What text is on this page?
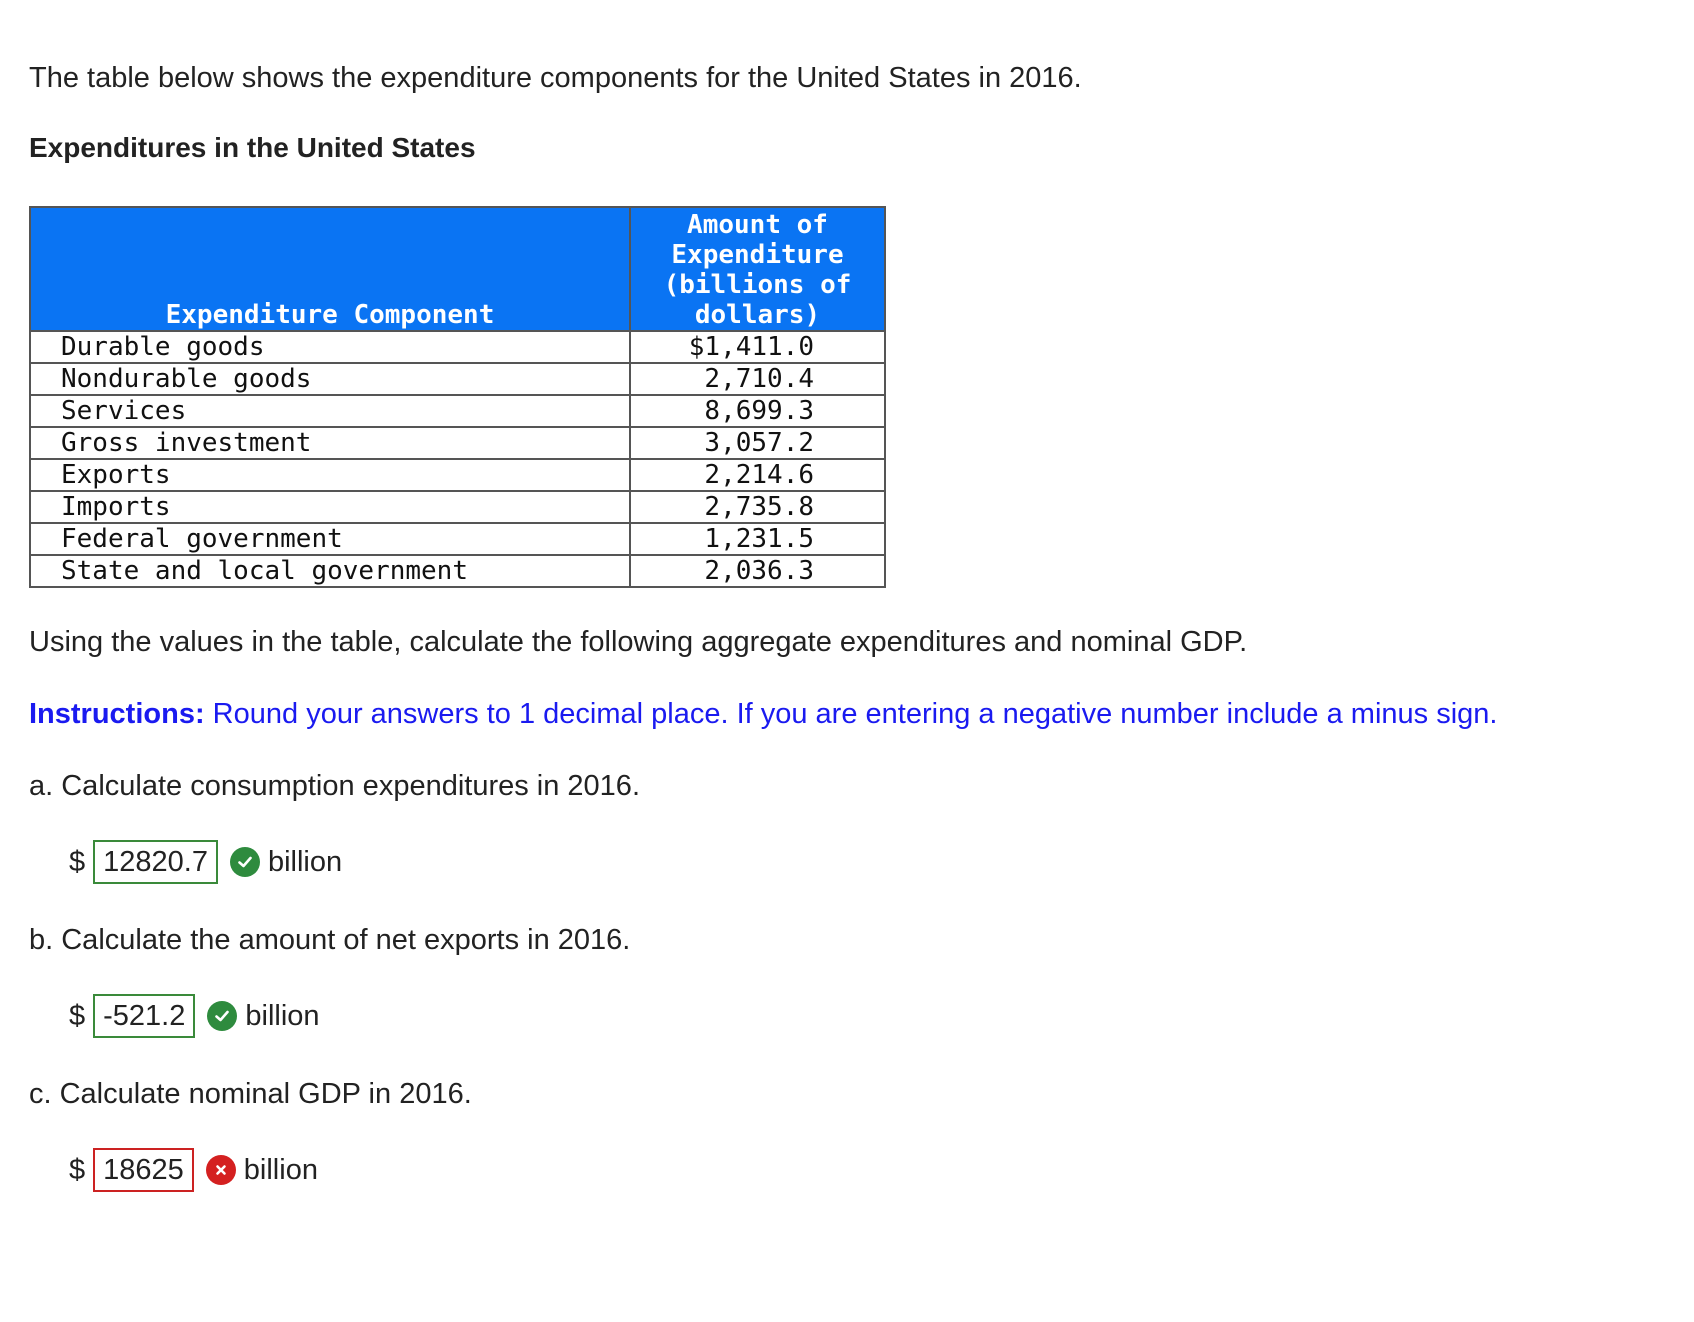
The table below shows the expenditure components for the United States in 2016.

Expenditures in the United States

Expenditure Component	Amount of
Expenditure
(billions of
dollars)

Durable goods	$1,411.0
Nondurable goods	2,710.4
Services	8,699.3
Gross investment	3,057.2
Exports	2,214.6
Imports	2,735.8
Federal government	1,231.5
State and local government	2,036.3

Using the values in the table, calculate the following aggregate expenditures and nominal GDP.

Instructions: Round your answers to 1 decimal place. If you are entering a negative number include a minus sign.

a. Calculate consumption expenditures in 2016.

$ 12820.7	billion

b. Calculate the amount of net exports in 2016.

$ -521.2	billion

c. Calculate nominal GDP in 2016.

$ 18625	billion
